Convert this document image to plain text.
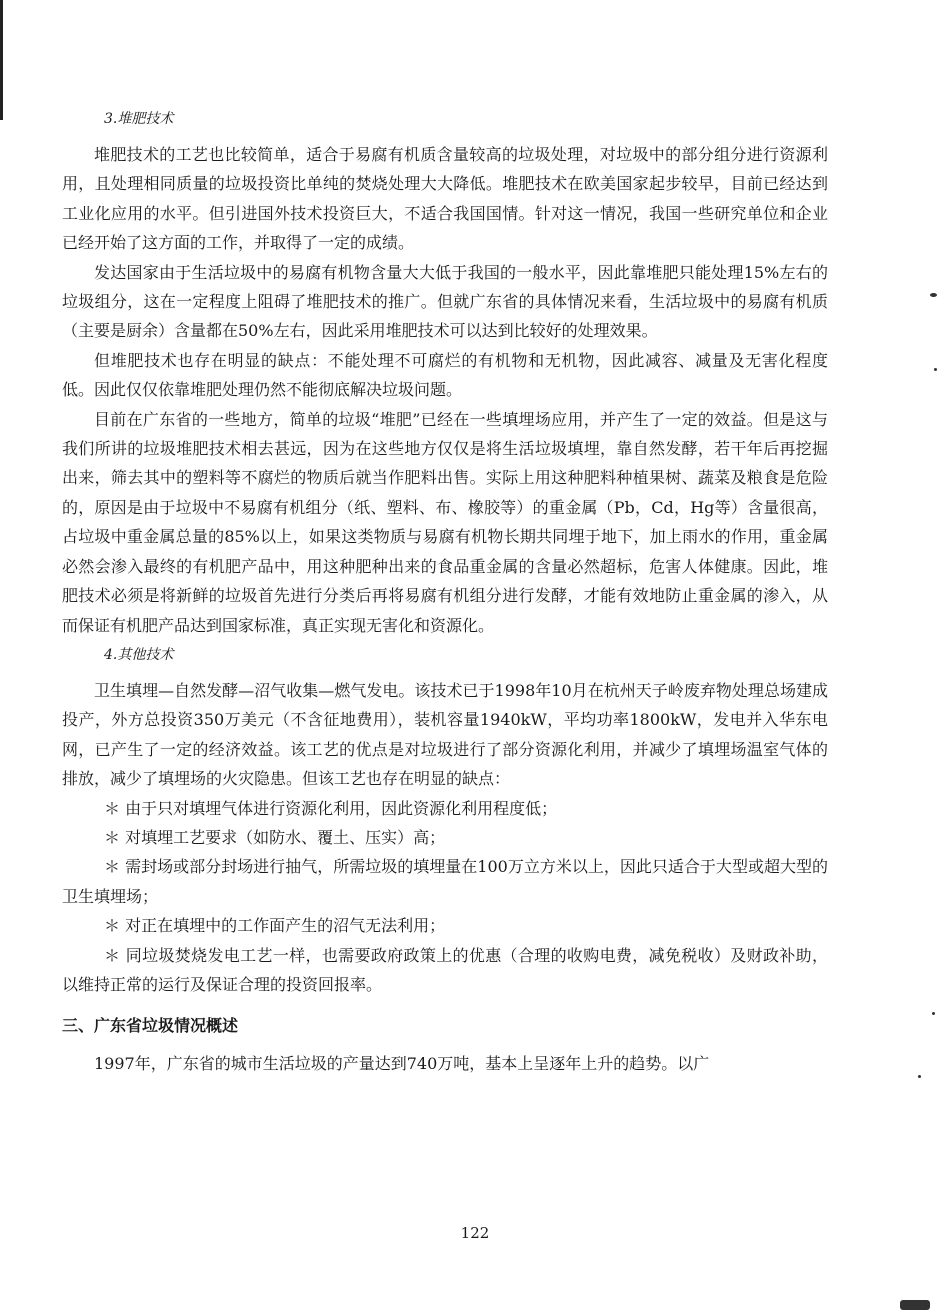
3.堆肥技术

堆肥技术的工艺也比较简单，适合于易腐有机质含量较高的垃圾处理，对垃圾中的部分组分进行资源利用，且处理相同质量的垃圾投资比单纯的焚烧处理大大降低。堆肥技术在欧美国家起步较早，目前已经达到工业化应用的水平。但引进国外技术投资巨大，不适合我国国情。针对这一情况，我国一些研究单位和企业已经开始了这方面的工作，并取得了一定的成绩。

发达国家由于生活垃圾中的易腐有机物含量大大低于我国的一般水平，因此靠堆肥只能处理15%左右的垃圾组分，这在一定程度上阻碍了堆肥技术的推广。但就广东省的具体情况来看，生活垃圾中的易腐有机质（主要是厨余）含量都在50%左右，因此采用堆肥技术可以达到比较好的处理效果。

但堆肥技术也存在明显的缺点：不能处理不可腐烂的有机物和无机物，因此减容、减量及无害化程度低。因此仅仅依靠堆肥处理仍然不能彻底解决垃圾问题。

目前在广东省的一些地方，简单的垃圾“堆肥”已经在一些填埋场应用，并产生了一定的效益。但是这与我们所讲的垃圾堆肥技术相去甚远，因为在这些地方仅仅是将生活垃圾填埋，靠自然发酵，若干年后再挖掘出来，筛去其中的塑料等不腐烂的物质后就当作肥料出售。实际上用这种肥料种植果树、蔬菜及粮食是危险的，原因是由于垃圾中不易腐有机组分（纸、塑料、布、橡胶等）的重金属（Pb，Cd，Hg等）含量很高，占垃圾中重金属总量的85%以上，如果这类物质与易腐有机物长期共同埋于地下，加上雨水的作用，重金属必然会渗入最终的有机肥产品中，用这种肥种出来的食品重金属的含量必然超标，危害人体健康。因此，堆肥技术必须是将新鲜的垃圾首先进行分类后再将易腐有机组分进行发酵，才能有效地防止重金属的渗入，从而保证有机肥产品达到国家标准，真正实现无害化和资源化。

4.其他技术

卫生填埋—自然发酵—沼气收集—燃气发电。该技术已于1998年10月在杭州天子岭废弃物处理总场建成投产，外方总投资350万美元（不含征地费用），装机容量1940kW，平均功率1800kW，发电并入华东电网，已产生了一定的经济效益。该工艺的优点是对垃圾进行了部分资源化利用，并减少了填埋场温室气体的排放，减少了填埋场的火灾隐患。但该工艺也存在明显的缺点：

＊ 由于只对填埋气体进行资源化利用，因此资源化利用程度低；

＊ 对填埋工艺要求（如防水、覆土、压实）高；

＊ 需封场或部分封场进行抽气，所需垃圾的填埋量在100万立方米以上，因此只适合于大型或超大型的卫生填埋场；

＊ 对正在填埋中的工作面产生的沼气无法利用；

＊ 同垃圾焚烧发电工艺一样，也需要政府政策上的优惠（合理的收购电费，减免税收）及财政补助，以维持正常的运行及保证合理的投资回报率。

三、广东省垃圾情况概述

1997年，广东省的城市生活垃圾的产量达到740万吨，基本上呈逐年上升的趋势。以广

122
